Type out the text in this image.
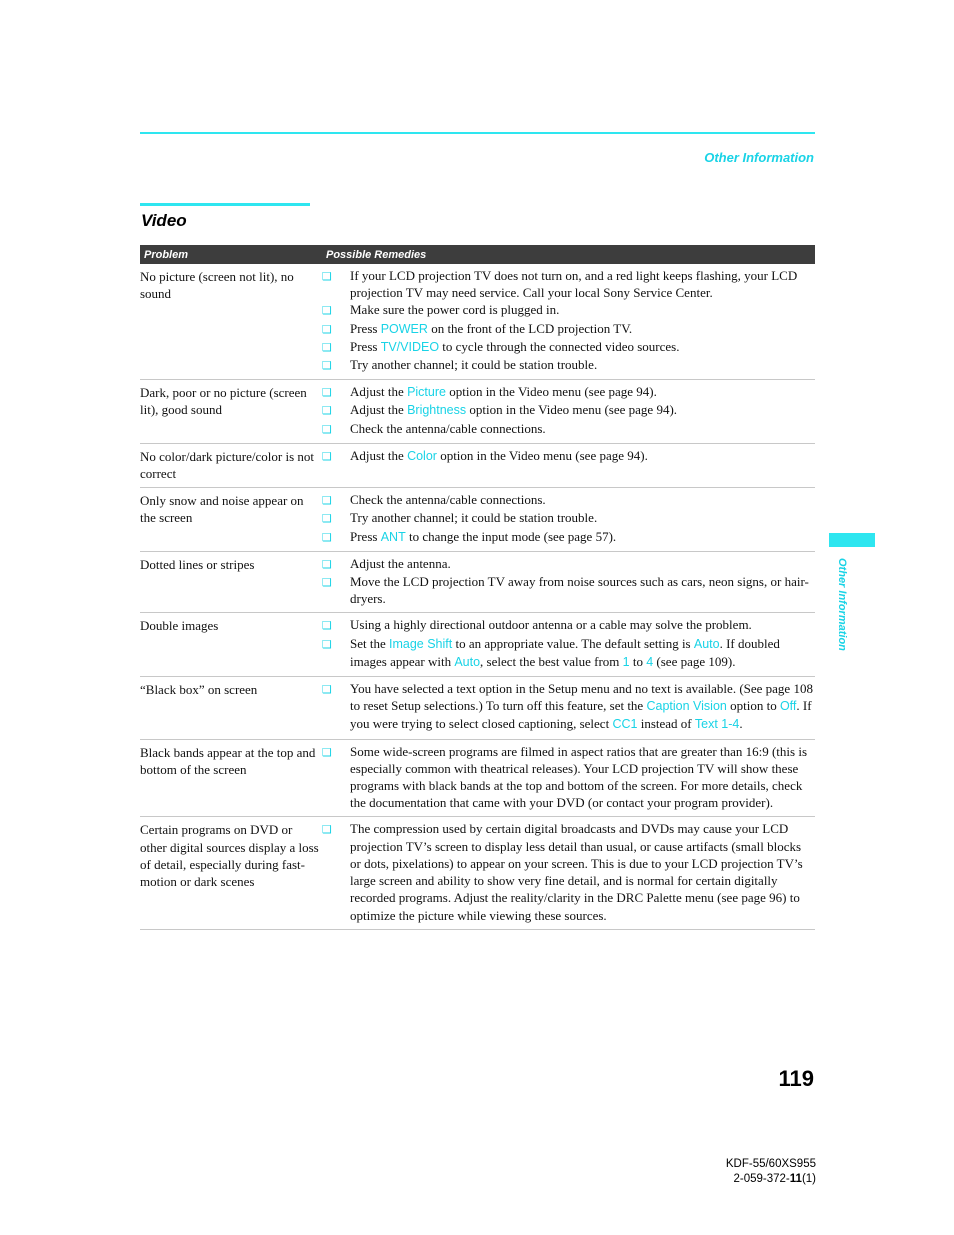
Other Information
Video
Problem	Possible Remedies
No picture (screen not lit), no sound
❑	If your LCD projection TV does not turn on, and a red light keeps flashing, your LCD projection TV may need service. Call your local Sony Service Center.
❑	Make sure the power cord is plugged in.
❑	Press POWER on the front of the LCD projection TV.
❑	Press TV/VIDEO to cycle through the connected video sources.
❑	Try another channel; it could be station trouble.
Dark, poor or no picture (screen lit), good sound
❑	Adjust the Picture option in the Video menu (see page 94).
❑	Adjust the Brightness option in the Video menu (see page 94).
❑	Check the antenna/cable connections.
No color/dark picture/color is not correct
❑	Adjust the Color option in the Video menu (see page 94).
Only snow and noise appear on the screen
❑	Check the antenna/cable connections.
❑	Try another channel; it could be station trouble.
❑	Press ANT to change the input mode (see page 57).
Dotted lines or stripes	❑	Adjust the antenna.
❑	Move the LCD projection TV away from noise sources such as cars, neon signs, or hair-dryers.
Double images	❑	Using a highly directional outdoor antenna or a cable may solve the problem.
❑	Set the Image Shift to an appropriate value. The default setting is Auto. If doubled images appear with Auto, select the best value from 1 to 4 (see page 109).
“Black box” on screen	❑	You have selected a text option in the Setup menu and no text is available. (See page 108 to reset Setup selections.) To turn off this feature, set the Caption Vision option to Off. If you were trying to select closed captioning, select CC1 instead of Text 1-4.
Black bands appear at the top and bottom of the screen
❑	Some wide-screen programs are filmed in aspect ratios that are greater than 16:9 (this is especially common with theatrical releases). Your LCD projection TV will show these programs with black bands at the top and bottom of the screen. For more details, check the documentation that came with your DVD (or contact your program provider).
Certain programs on DVD or other digital sources display a loss of detail, especially during fast-motion or dark scenes
❑	The compression used by certain digital broadcasts and DVDs may cause your LCD projection TV’s screen to display less detail than usual, or cause artifacts (small blocks or dots, pixelations) to appear on your screen. This is due to your LCD projection TV’s large screen and ability to show very fine detail, and is normal for certain digitally recorded programs. Adjust the reality/clarity in the DRC Palette menu (see page 96) to optimize the picture while viewing these sources.
Other Information
119
KDF-55/60XS955
2-059-372-11(1)
